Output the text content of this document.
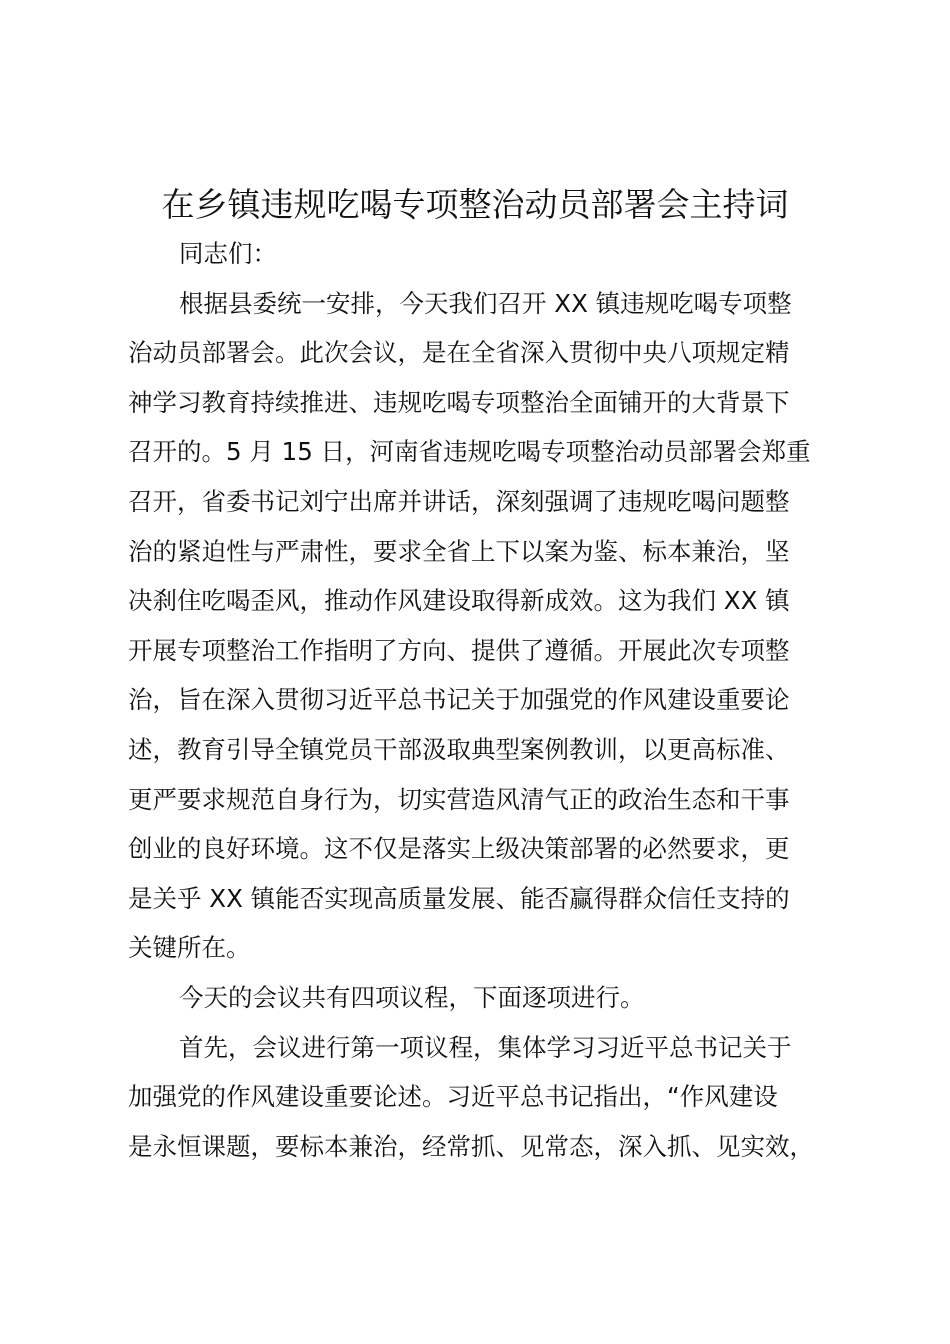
在乡镇违规吃喝专项整治动员部署会主持词
同志们：
根据县委统一安排，今天我们召开 XX 镇违规吃喝专项整
治动员部署会。此次会议，是在全省深入贯彻中央八项规定精
神学习教育持续推进、违规吃喝专项整治全面铺开的大背景下
召开的。5 月 15 日，河南省违规吃喝专项整治动员部署会郑重
召开，省委书记刘宁出席并讲话，深刻强调了违规吃喝问题整
治的紧迫性与严肃性，要求全省上下以案为鉴、标本兼治，坚
决刹住吃喝歪风，推动作风建设取得新成效。这为我们 XX 镇
开展专项整治工作指明了方向、提供了遵循。开展此次专项整
治，旨在深入贯彻习近平总书记关于加强党的作风建设重要论
述，教育引导全镇党员干部汲取典型案例教训，以更高标准、
更严要求规范自身行为，切实营造风清气正的政治生态和干事
创业的良好环境。这不仅是落实上级决策部署的必然要求，更
是关乎 XX 镇能否实现高质量发展、能否赢得群众信任支持的
关键所在。
今天的会议共有四项议程，下面逐项进行。
首先，会议进行第一项议程，集体学习习近平总书记关于
加强党的作风建设重要论述。习近平总书记指出，“作风建设
是永恒课题，要标本兼治，经常抓、见常态，深入抓、见实效，
